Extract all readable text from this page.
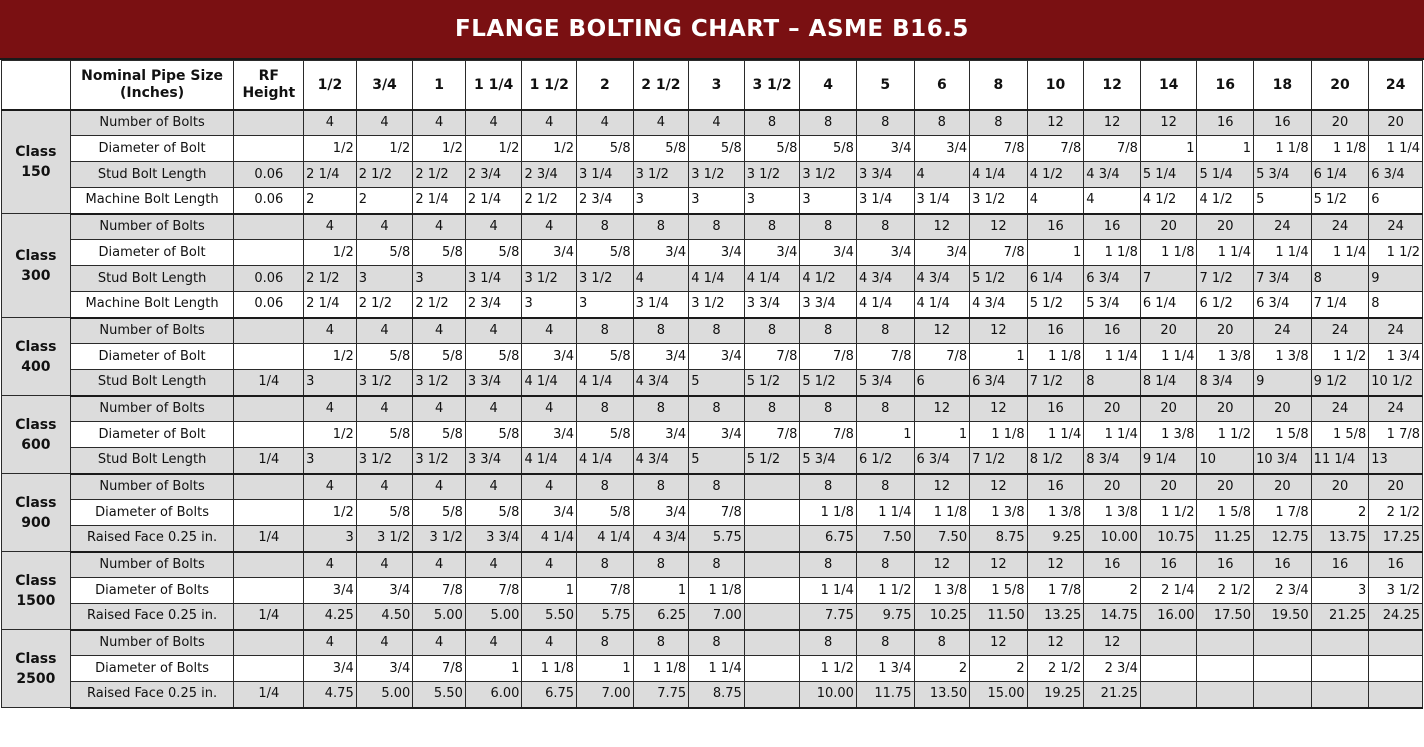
FLANGE BOLTING CHART – ASME B16.5
	Nominal Pipe Size (Inches)	RF Height	1/2	3/4	1	1 1/4	1 1/2	2	2 1/2	3	3 1/2	4	5	6	8	10	12	14	16	18	20	24
Class 150	Number of Bolts		4	4	4	4	4	4	4	4	8	8	8	8	8	12	12	12	16	16	20	20
	Diameter of Bolt		1/2	1/2	1/2	1/2	1/2	5/8	5/8	5/8	5/8	5/8	3/4	3/4	7/8	7/8	7/8	1	1	1 1/8	1 1/8	1 1/4
	Stud Bolt Length	0.06	2 1/4	2 1/2	2 1/2	2 3/4	2 3/4	3 1/4	3 1/2	3 1/2	3 1/2	3 1/2	3 3/4	4	4 1/4	4 1/2	4 3/4	5 1/4	5 1/4	5 3/4	6 1/4	6 3/4
	Machine Bolt Length	0.06	2	2	2 1/4	2 1/4	2 1/2	2 3/4	3	3	3	3	3 1/4	3 1/4	3 1/2	4	4	4 1/2	4 1/2	5	5 1/2	6
Class 300	Number of Bolts		4	4	4	4	4	8	8	8	8	8	8	12	12	16	16	20	20	24	24	24
	Diameter of Bolt		1/2	5/8	5/8	5/8	3/4	5/8	3/4	3/4	3/4	3/4	3/4	3/4	7/8	1	1 1/8	1 1/8	1 1/4	1 1/4	1 1/4	1 1/2
	Stud Bolt Length	0.06	2 1/2	3	3	3 1/4	3 1/2	3 1/2	4	4 1/4	4 1/4	4 1/2	4 3/4	4 3/4	5 1/2	6 1/4	6 3/4	7	7 1/2	7 3/4	8	9
	Machine Bolt Length	0.06	2 1/4	2 1/2	2 1/2	2 3/4	3	3	3 1/4	3 1/2	3 3/4	3 3/4	4 1/4	4 1/4	4 3/4	5 1/2	5 3/4	6 1/4	6 1/2	6 3/4	7 1/4	8
Class 400	Number of Bolts		4	4	4	4	4	8	8	8	8	8	8	12	12	16	16	20	20	24	24	24
	Diameter of Bolt		1/2	5/8	5/8	5/8	3/4	5/8	3/4	3/4	7/8	7/8	7/8	7/8	1	1 1/8	1 1/4	1 1/4	1 3/8	1 3/8	1 1/2	1 3/4
	Stud Bolt Length	1/4	3	3 1/2	3 1/2	3 3/4	4 1/4	4 1/4	4 3/4	5	5 1/2	5 1/2	5 3/4	6	6 3/4	7 1/2	8	8 1/4	8 3/4	9	9 1/2	10 1/2
Class 600	Number of Bolts		4	4	4	4	4	8	8	8	8	8	8	12	12	16	20	20	20	20	24	24
	Diameter of Bolt		1/2	5/8	5/8	5/8	3/4	5/8	3/4	3/4	7/8	7/8	1	1	1 1/8	1 1/4	1 1/4	1 3/8	1 1/2	1 5/8	1 5/8	1 7/8
	Stud Bolt Length	1/4	3	3 1/2	3 1/2	3 3/4	4 1/4	4 1/4	4 3/4	5	5 1/2	5 3/4	6 1/2	6 3/4	7 1/2	8 1/2	8 3/4	9 1/4	10	10 3/4	11 1/4	13
Class 900	Number of Bolts		4	4	4	4	4	8	8	8		8	8	12	12	16	20	20	20	20	20	20
	Diameter of Bolts		1/2	5/8	5/8	5/8	3/4	5/8	3/4	7/8		1 1/8	1 1/4	1 1/8	1 3/8	1 3/8	1 3/8	1 1/2	1 5/8	1 7/8	2	2 1/2
	Raised Face 0.25 in.	1/4	3	3 1/2	3 1/2	3 3/4	4 1/4	4 1/4	4 3/4	5.75		6.75	7.50	7.50	8.75	9.25	10.00	10.75	11.25	12.75	13.75	17.25
Class 1500	Number of Bolts		4	4	4	4	4	8	8	8		8	8	12	12	12	16	16	16	16	16	16
	Diameter of Bolts		3/4	3/4	7/8	7/8	1	7/8	1	1 1/8		1 1/4	1 1/2	1 3/8	1 5/8	1 7/8	2	2 1/4	2 1/2	2 3/4	3	3 1/2
	Raised Face 0.25 in.	1/4	4.25	4.50	5.00	5.00	5.50	5.75	6.25	7.00		7.75	9.75	10.25	11.50	13.25	14.75	16.00	17.50	19.50	21.25	24.25
Class 2500	Number of Bolts		4	4	4	4	4	8	8	8		8	8	8	12	12	12					
	Diameter of Bolts		3/4	3/4	7/8	1	1 1/8	1	1 1/8	1 1/4		1 1/2	1 3/4	2	2	2 1/2	2 3/4					
	Raised Face 0.25 in.	1/4	4.75	5.00	5.50	6.00	6.75	7.00	7.75	8.75		10.00	11.75	13.50	15.00	19.25	21.25					
